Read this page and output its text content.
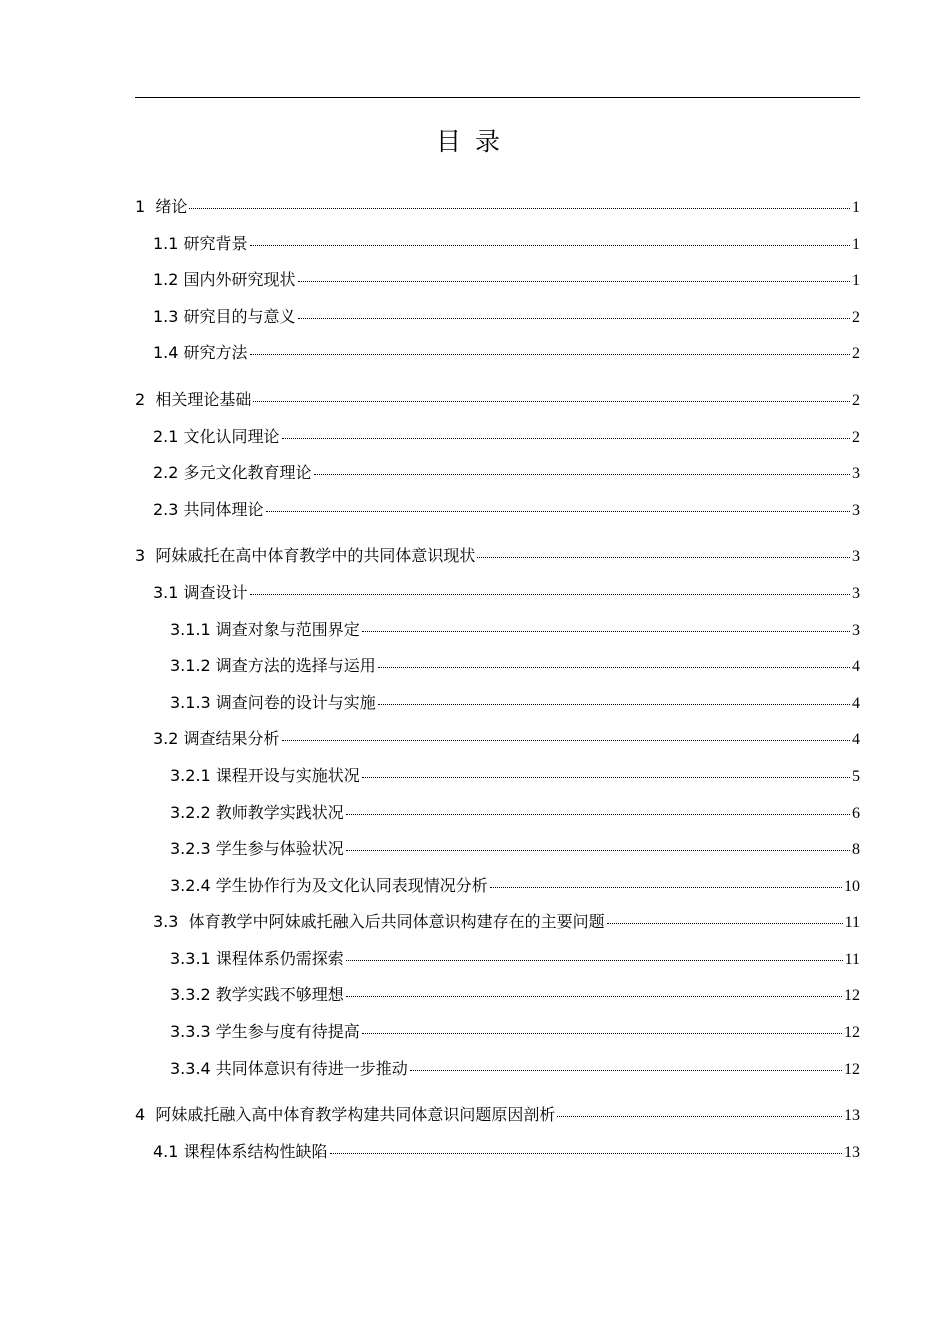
目录
1 绪论	1
1.1 研究背景	1
1.2 国内外研究现状	1
1.3 研究目的与意义	2
1.4 研究方法	2
2 相关理论基础	2
2.1 文化认同理论	2
2.2 多元文化教育理论	3
2.3 共同体理论	3
3 阿妹戚托在高中体育教学中的共同体意识现状	3
3.1 调查设计	3
3.1.1 调查对象与范围界定	3
3.1.2 调查方法的选择与运用	4
3.1.3 调查问卷的设计与实施	4
3.2 调查结果分析	4
3.2.1 课程开设与实施状况	5
3.2.2 教师教学实践状况	6
3.2.3 学生参与体验状况	8
3.2.4 学生协作行为及文化认同表现情况分析	10
3.3 体育教学中阿妹戚托融入后共同体意识构建存在的主要问题	11
3.3.1 课程体系仍需探索	11
3.3.2 教学实践不够理想	12
3.3.3 学生参与度有待提高	12
3.3.4 共同体意识有待进一步推动	12
4 阿妹戚托融入高中体育教学构建共同体意识问题原因剖析	13
4.1 课程体系结构性缺陷	13
